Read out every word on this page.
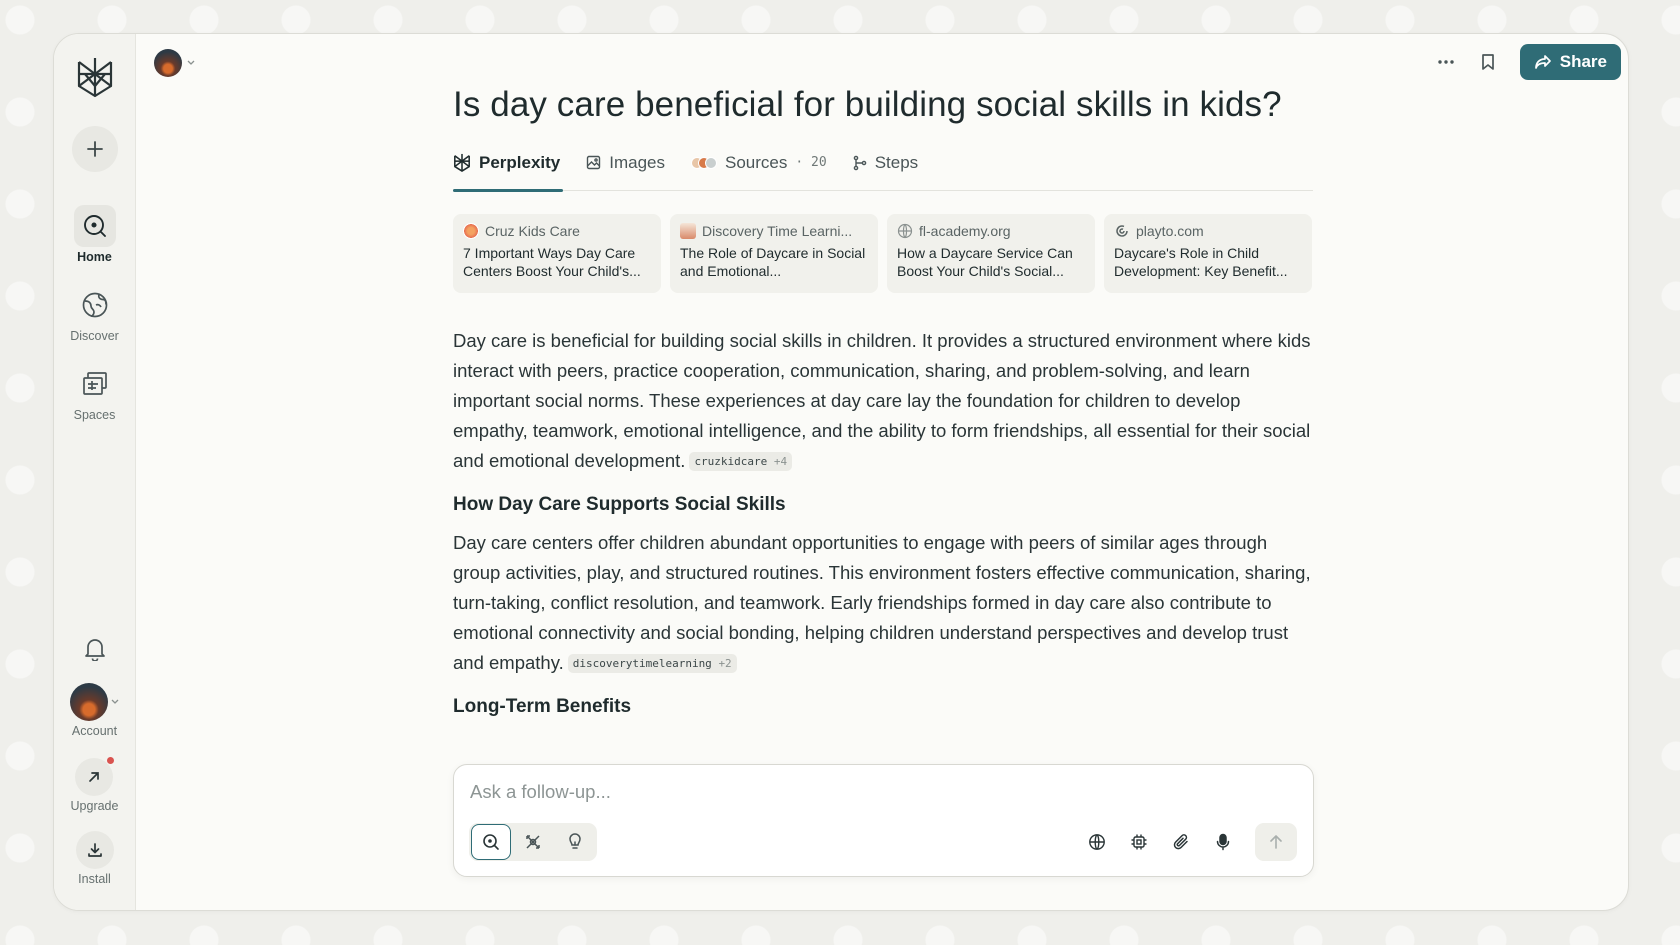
Home
Discover
Spaces
Account
Upgrade
Install
Share
Is day care beneficial for building social skills in kids?
Perplexity	Images	Sources · 20	Steps
Cruz Kids Care
7 Important Ways Day Care Centers Boost Your Child's...
Discovery Time Learni...
The Role of Daycare in Social and Emotional...
fl-academy.org
How a Daycare Service Can Boost Your Child's Social...
playto.com
Daycare's Role in Child Development: Key Benefit...

Day care is beneficial for building social skills in children. It provides a structured environment where kids interact with peers, practice cooperation, communication, sharing, and problem-solving, and learn important social norms. These experiences at day care lay the foundation for children to develop empathy, teamwork, emotional intelligence, and the ability to form friendships, all essential for their social and emotional development. cruzkidcare +4

How Day Care Supports Social Skills

Day care centers offer children abundant opportunities to engage with peers of similar ages through group activities, play, and structured routines. This environment fosters effective communication, sharing, turn-taking, conflict resolution, and teamwork. Early friendships formed in day care also contribute to emotional connectivity and social bonding, helping children understand perspectives and develop trust and empathy. discoverytimelearning +2

Long-Term Benefits
Ask a follow-up...
